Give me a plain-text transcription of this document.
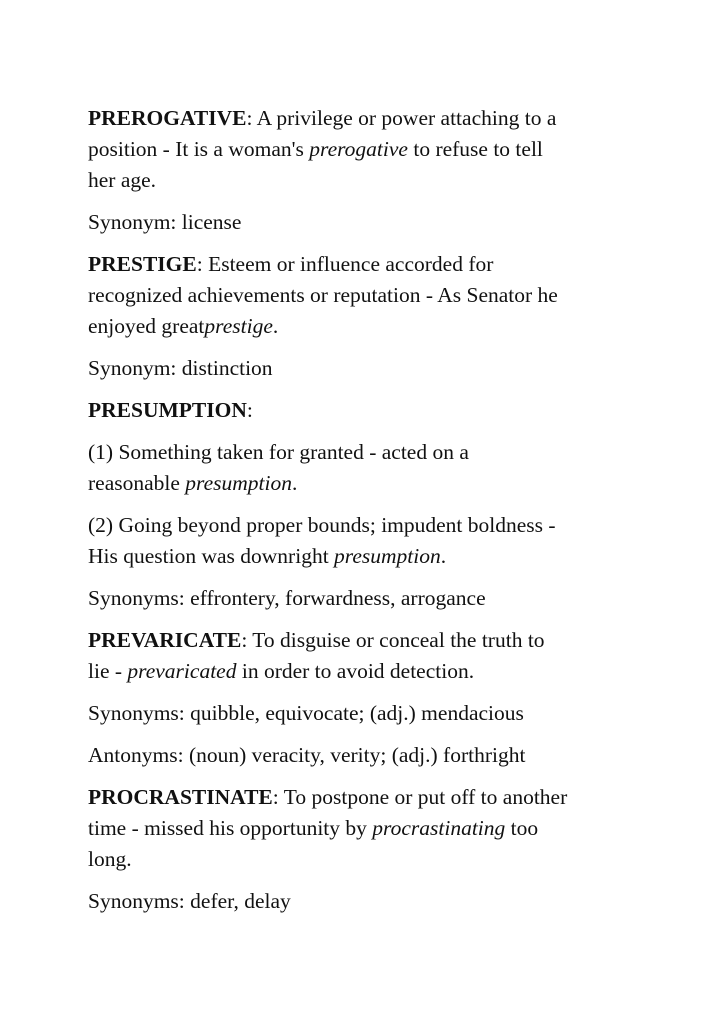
PREROGATIVE: A privilege or power attaching to a
position - It is a woman's prerogative to refuse to tell
her age.
Synonym: license
PRESTIGE: Esteem or influence accorded for
recognized achievements or reputation - As Senator he
enjoyed greatprestige.
Synonym: distinction
PRESUMPTION:
(1) Something taken for granted - acted on a
reasonable presumption.
(2) Going beyond proper bounds; impudent boldness -
His question was downright presumption.
Synonyms: effrontery, forwardness, arrogance
PREVARICATE: To disguise or conceal the truth to
lie - prevaricated in order to avoid detection.
Synonyms: quibble, equivocate; (adj.) mendacious
Antonyms: (noun) veracity, verity; (adj.) forthright
PROCRASTINATE: To postpone or put off to another
time - missed his opportunity by procrastinating too
long.
Synonyms: defer, delay
